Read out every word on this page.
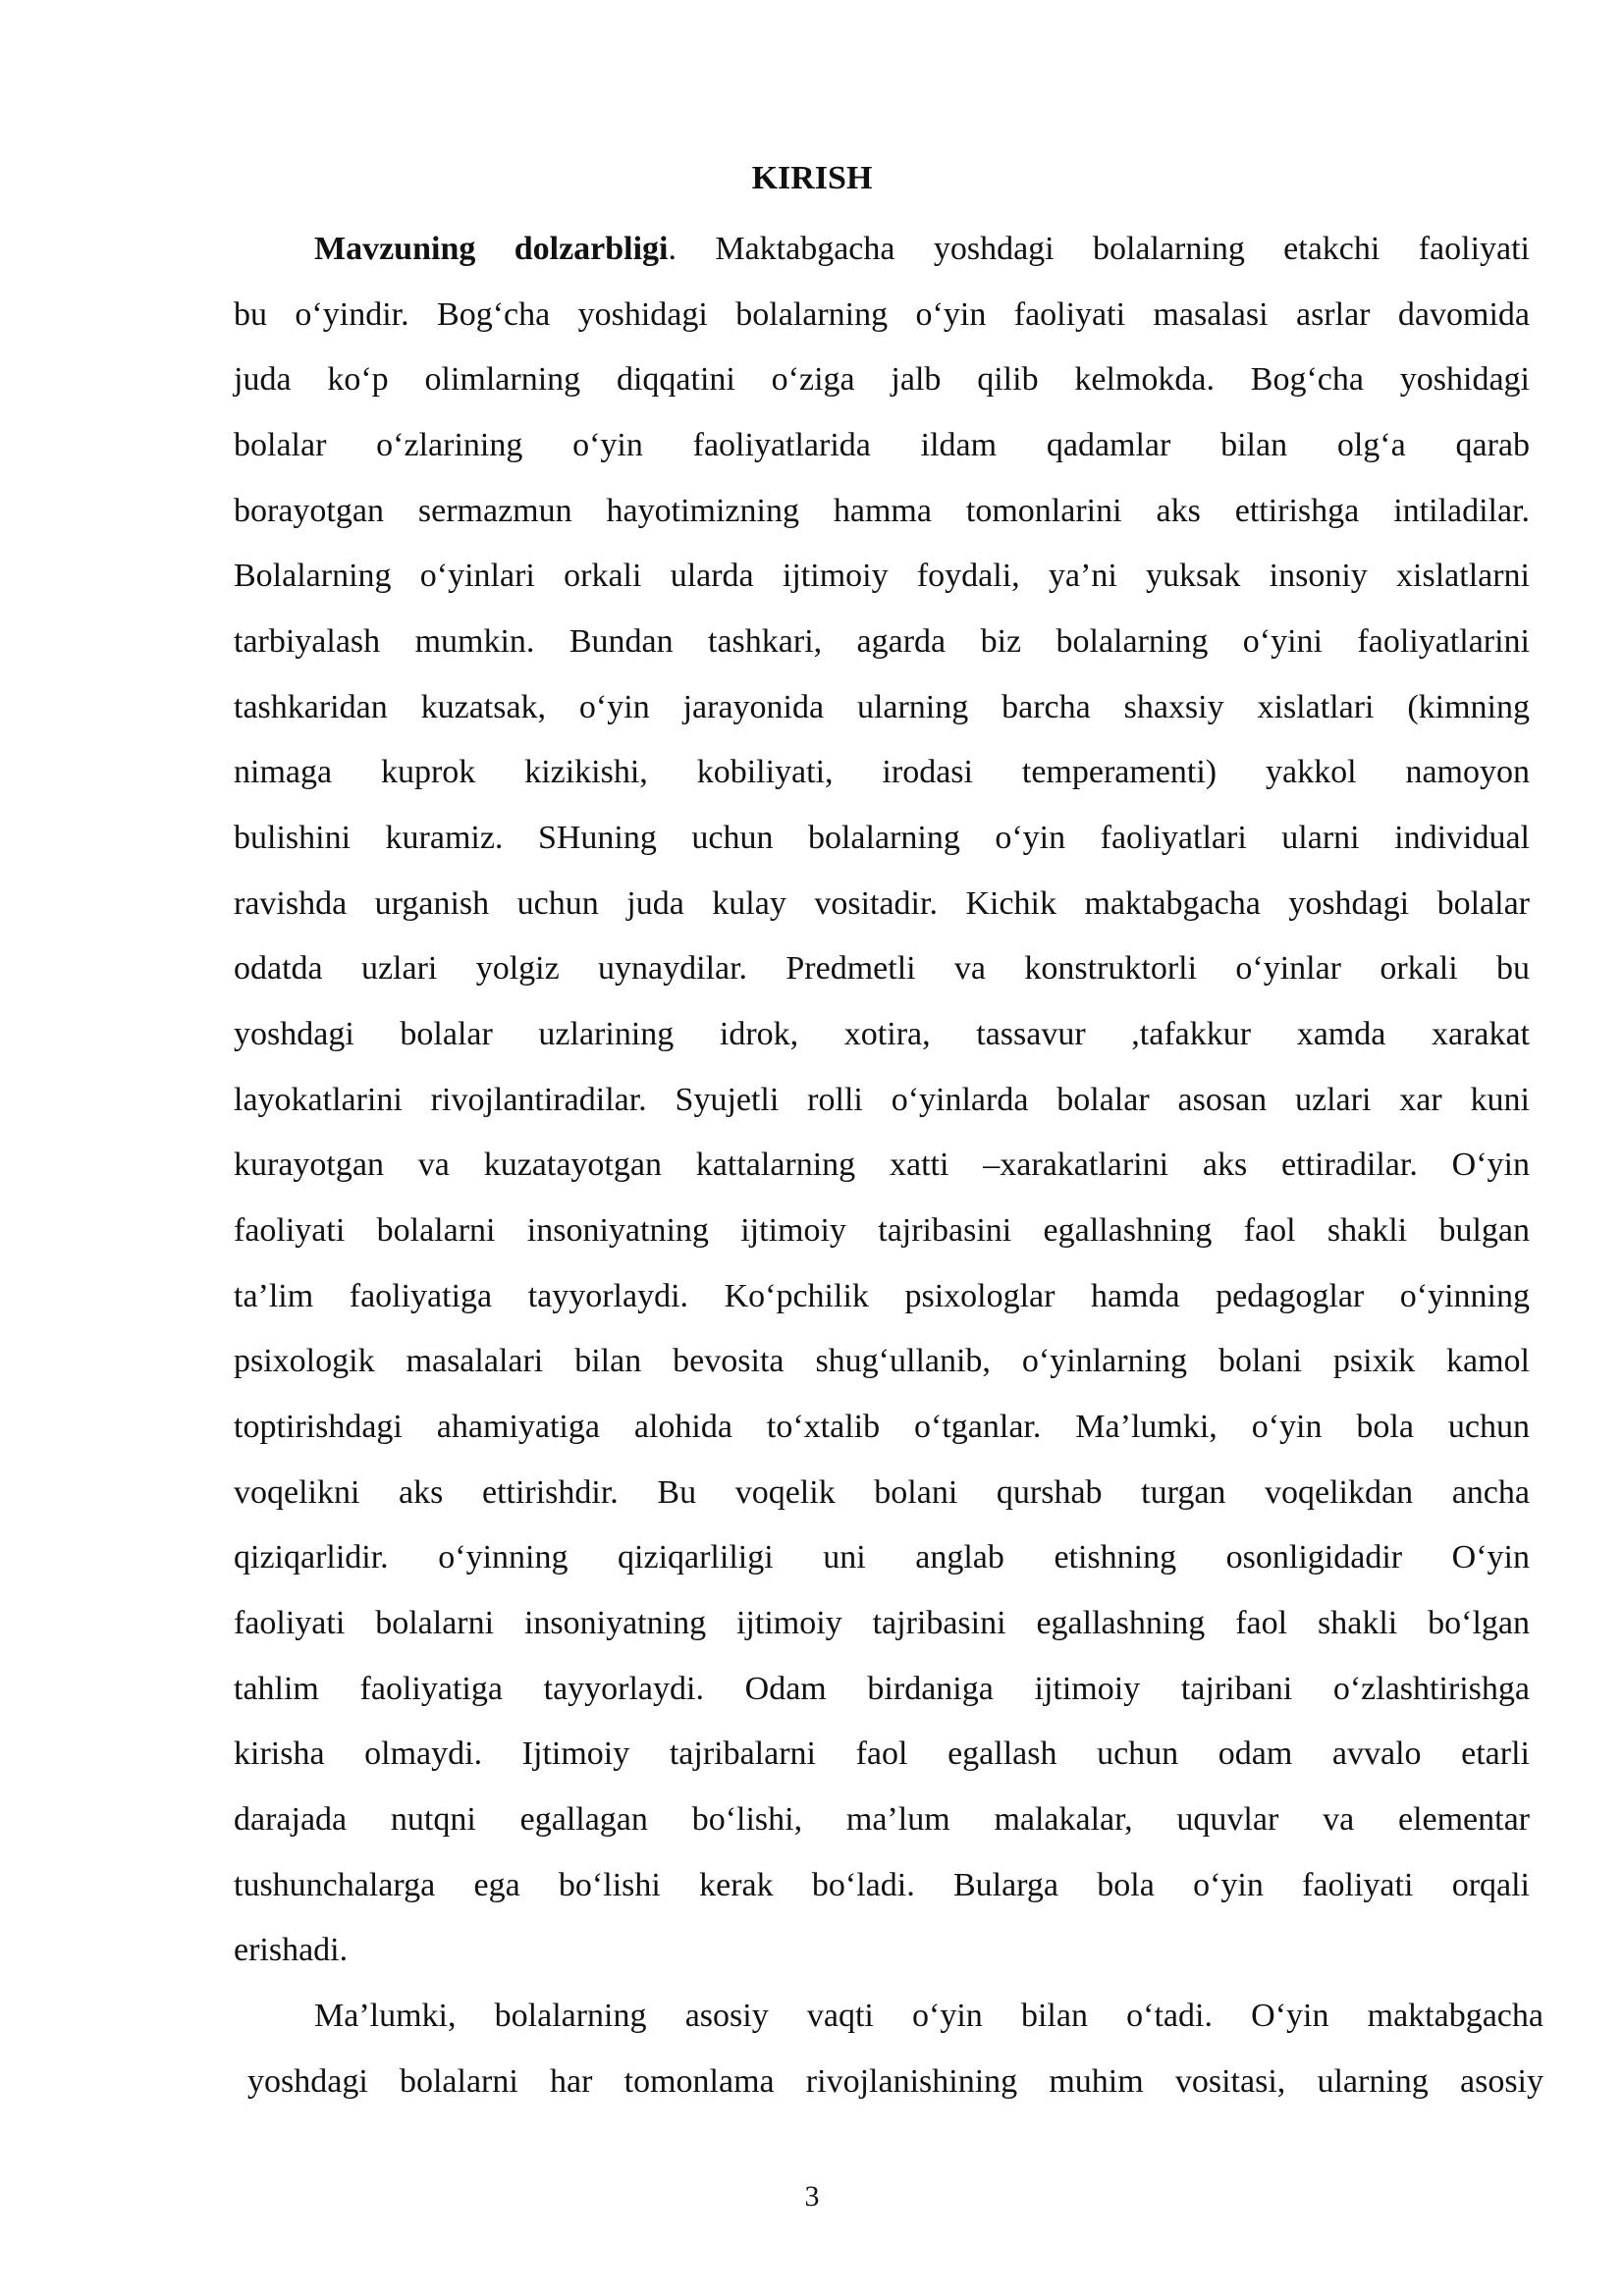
KIRISH
Mavzuning dolzarbligi. Maktabgacha yoshdagi bolalarning etakchi faoliyati
bu o‘yindir. Bog‘cha yoshidagi bolalarning o‘yin faoliyati masalasi asrlar davomida
juda ko‘p olimlarning diqqatini o‘ziga jalb qilib kelmokda. Bog‘cha yoshidagi
bolalar o‘zlarining o‘yin faoliyatlarida ildam qadamlar bilan olg‘a qarab
borayotgan sermazmun hayotimizning hamma tomonlarini aks ettirishga intiladilar.
Bolalarning o‘yinlari orkali ularda ijtimoiy foydali, ya’ni yuksak insoniy xislatlarni
tarbiyalash mumkin. Bundan tashkari, agarda biz bolalarning o‘yini faoliyatlarini
tashkaridan kuzatsak, o‘yin jarayonida ularning barcha shaxsiy xislatlari (kimning
nimaga kuprok kizikishi, kobiliyati, irodasi temperamenti) yakkol namoyon
bulishini kuramiz. SHuning uchun bolalarning o‘yin faoliyatlari ularni individual
ravishda urganish uchun juda kulay vositadir. Kichik maktabgacha yoshdagi bolalar
odatda uzlari yolgiz uynaydilar. Predmetli va konstruktorli o‘yinlar orkali bu
yoshdagi bolalar uzlarining idrok, xotira, tassavur ,tafakkur xamda xarakat
layokatlarini rivojlantiradilar. Syujetli rolli o‘yinlarda bolalar asosan uzlari xar kuni
kurayotgan va kuzatayotgan kattalarning xatti –xarakatlarini aks ettiradilar. O‘yin
faoliyati bolalarni insoniyatning ijtimoiy tajribasini egallashning faol shakli bulgan
ta’lim faoliyatiga tayyorlaydi. Ko‘pchilik psixologlar hamda pedagoglar o‘yinning
psixologik masalalari bilan bevosita shug‘ullanib, o‘yinlarning bolani psixik kamol
toptirishdagi ahamiyatiga alohida to‘xtalib o‘tganlar. Ma’lumki, o‘yin bola uchun
voqelikni aks ettirishdir. Bu voqelik bolani qurshab turgan voqelikdan ancha
qiziqarlidir. o‘yinning qiziqarliligi uni anglab etishning osonligidadir O‘yin
faoliyati bolalarni insoniyatning ijtimoiy tajribasini egallashning faol shakli bo‘lgan
tahlim faoliyatiga tayyorlaydi. Odam birdaniga ijtimoiy tajribani o‘zlashtirishga
kirisha olmaydi. Ijtimoiy tajribalarni faol egallash uchun odam avvalo etarli
darajada nutqni egallagan bo‘lishi, ma’lum malakalar, uquvlar va elementar
tushunchalarga ega bo‘lishi kerak bo‘ladi. Bularga bola o‘yin faoliyati orqali
erishadi.
Ma’lumki, bolalarning asosiy vaqti o‘yin bilan o‘tadi. O‘yin maktabgacha
yoshdagi bolalarni har tomonlama rivojlanishining muhim vositasi, ularning asosiy
3
